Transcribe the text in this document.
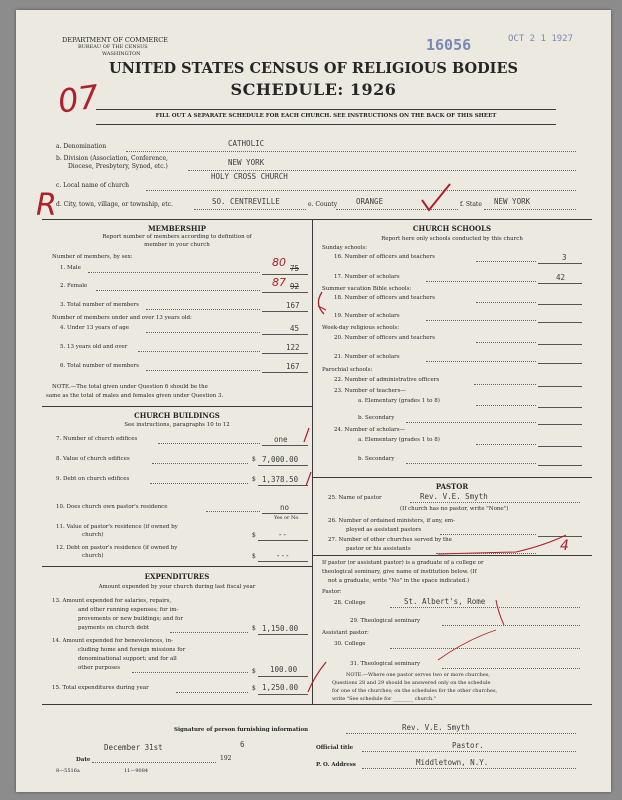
DEPARTMENT OF COMMERCE
BUREAU OF THE CENSUS
WASHINGTON	16056	OCT 2 1 1927
07
UNITED STATES CENSUS OF RELIGIOUS BODIES
SCHEDULE: 1926
FILL OUT A SEPARATE SCHEDULE FOR EACH CHURCH. SEE INSTRUCTIONS ON THE BACK OF THIS SHEET
a. Denomination	CATHOLIC
b. Division (Association, Conference,
Diocese, Presbytery, Synod, etc.)	NEW YORK
HOLY CROSS CHURCH
c. Local name of church
R d. City, town, village, or township, etc.	SO. CENTREVILLE	e. County	ORANGE	f. State NEW YORK
MEMBERSHIP
Report number of members according to definition of
member in your church
Number of members, by sex:
1. Male	75
80
2. Female	92
87
3. Total number of members	167
Number of members under and over 13 years old:
4. Under 13 years of age	45
5. 13 years old and over	122
6. Total number of members	167
NOTE.—The total given under Question 6 should be the
same as the total of males and females given under Question 3.
CHURCH BUILDINGS
See instructions, paragraphs 10 to 12
7. Number of church edifices	one
8. Value of church edifices	$ 7,000.00
9. Debt on church edifices	$ 1,378.50
10. Does church own pastor's residence	no
Yes or No
11. Value of pastor's residence (if owned by
church)	$	--
12. Debt on pastor's residence (if owned by
church)	$	---
EXPENDITURES
Amount expended by your church during last fiscal year
13. Amount expended for salaries, repairs,
and other running expenses; for im-
provements or new buildings; and for
payments on church debt	$ 1,150.00
14. Amount expended for benevolences, in-
cluding home and foreign missions for
denominational support; and for all
other purposes	$ 100.00
15. Total expenditures during year	$ 1,250.00
CHURCH SCHOOLS
Report here only schools conducted by this church
Sunday schools:
16. Number of officers and teachers	3
17. Number of scholars	42
Summer vacation Bible schools:
18. Number of officers and teachers
19. Number of scholars
Week-day religious schools:
20. Number of officers and teachers
21. Number of scholars
Parochial schools:
22. Number of administrative officers
23. Number of teachers—
a. Elementary (grades 1 to 8)
b. Secondary
24. Number of scholars—
a. Elementary (grades 1 to 8)
b. Secondary
PASTOR
25. Name of pastor	Rev. V.E. Smyth
(If church has no pastor, write "None")
26. Number of ordained ministers, if any, em-
ployed as assistant pastors
27. Number of other churches served by the
pastor or his assistants	4
If pastor (or assistant pastor) is a graduate of a college or
theological seminary, give name of institution below. (If
not a graduate, write "No" in the space indicated.)
Pastor:
28. College	St. Albert's, Rome
29. Theological seminary
Assistant pastor:
30. College
31. Theological seminary
NOTE.—Where one pastor serves two or more churches,
Questions 28 and 29 should be answered only on the schedule
for one of the churches; on the schedules for the other churches,
write "See schedule for ________ church."
Signature of person furnishing information	Rev. V.E. Smyth
December 31st	6
Date	192
Official title	Pastor.
P. O. Address	Middletown, N.Y.
8—5516a	11—9084
